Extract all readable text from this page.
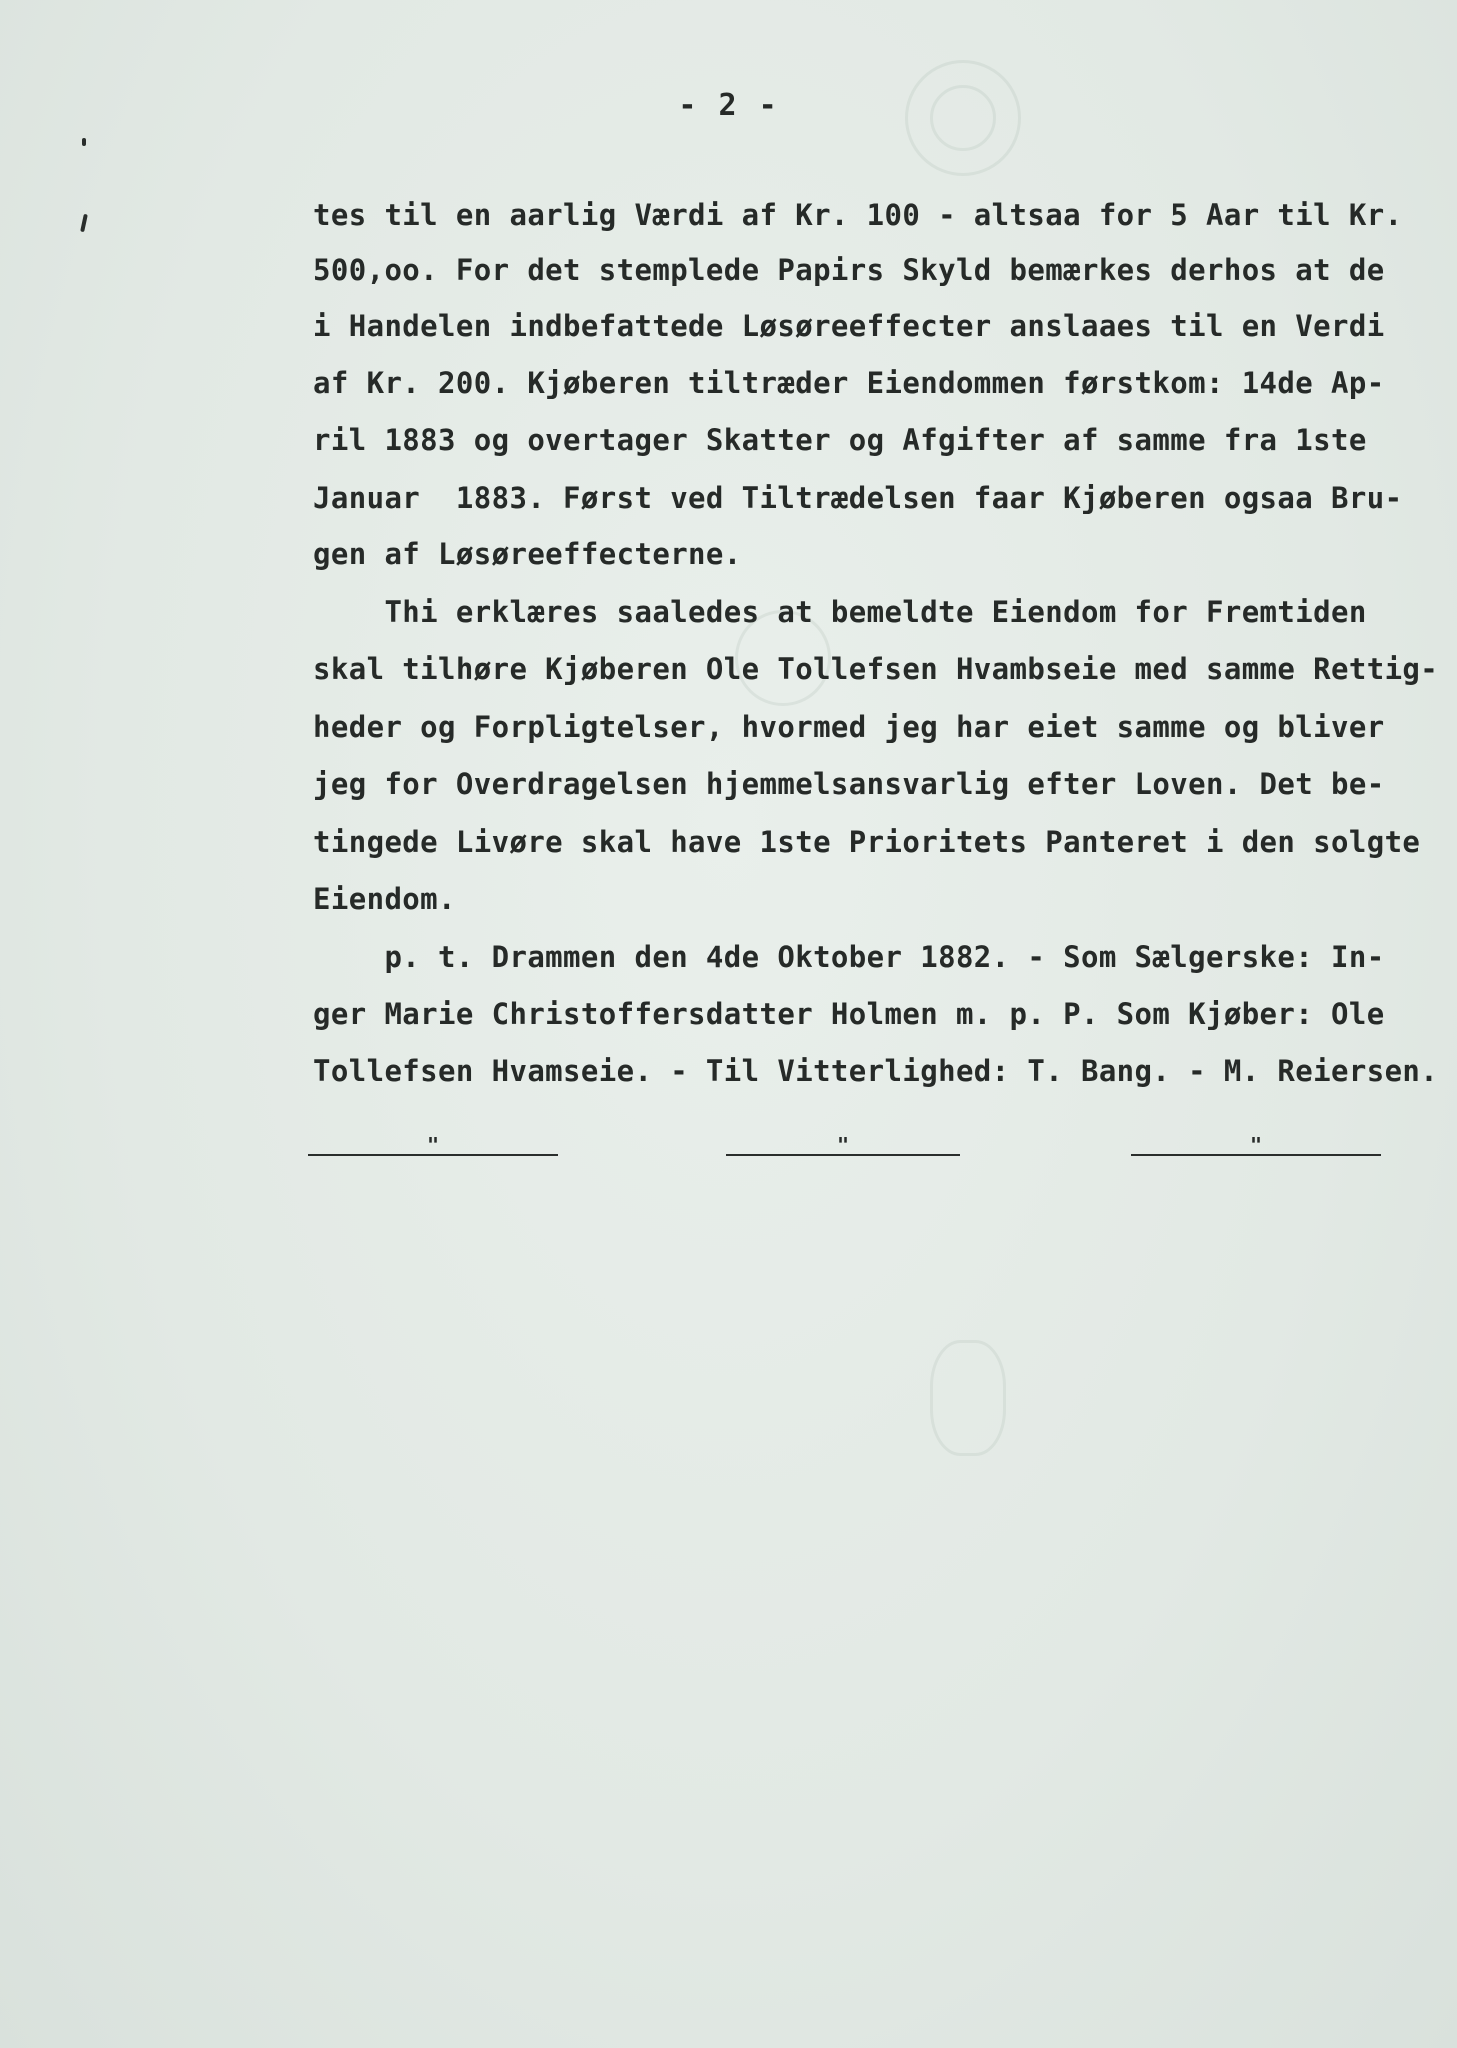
- 2 -
tes til en aarlig Værdi af Kr. 100 - altsaa for 5 Aar til Kr.
500,oo. For det stemplede Papirs Skyld bemærkes derhos at de
i Handelen indbefattede Løsøreeffecter anslaaes til en Verdi
af Kr. 200. Kjøberen tiltræder Eiendommen førstkom: 14de Ap-
ril 1883 og overtager Skatter og Afgifter af samme fra 1ste
Januar  1883. Først ved Tiltrædelsen faar Kjøberen ogsaa Bru-
gen af Løsøreeffecterne.
Thi erklæres saaledes at bemeldte Eiendom for Fremtiden
skal tilhøre Kjøberen Ole Tollefsen Hvambseie med samme Rettig-
heder og Forpligtelser, hvormed jeg har eiet samme og bliver
jeg for Overdragelsen hjemmelsansvarlig efter Loven. Det be-
tingede Livøre skal have 1ste Prioritets Panteret i den solgte
Eiendom.
p. t. Drammen den 4de Oktober 1882. - Som Sælgerske: In-
ger Marie Christoffersdatter Holmen m. p. P. Som Kjøber: Ole
Tollefsen Hvamseie. - Til Vitterlighed: T. Bang. - M. Reiersen.
"	"	"
